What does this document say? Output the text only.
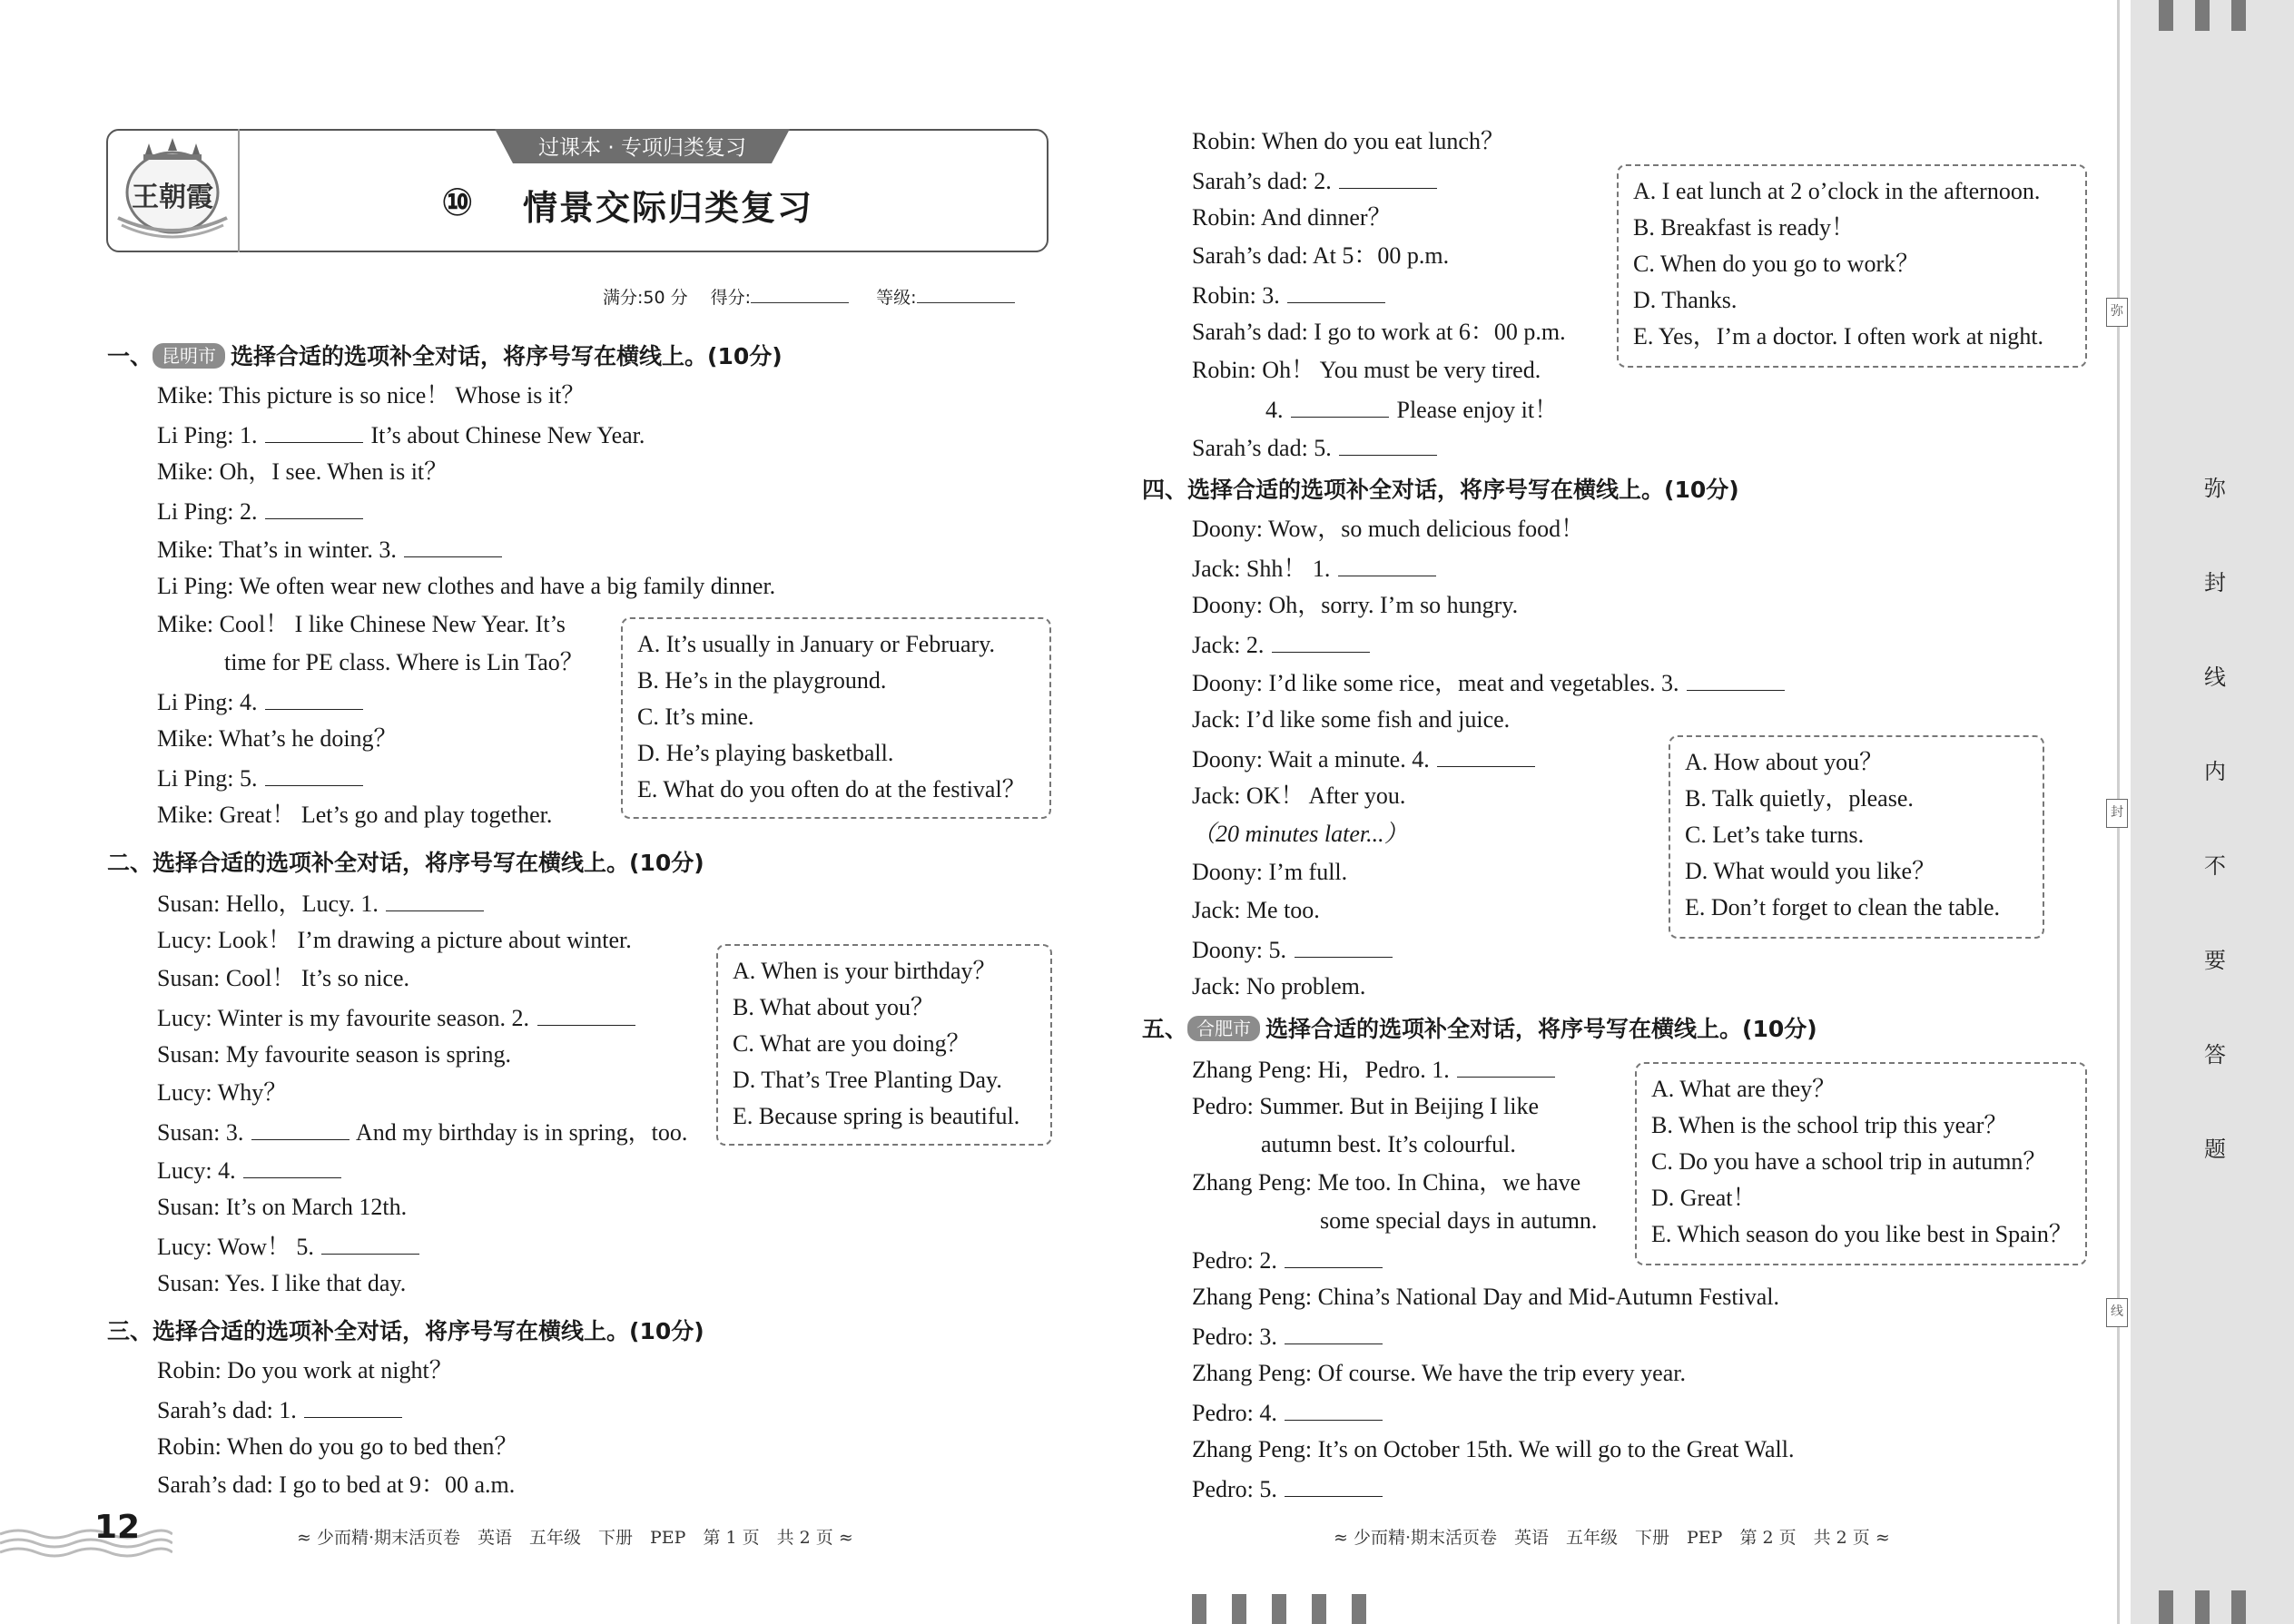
弥
封
线
弥
封
线
内
不
要
答
题
王朝霞
过课本 · 专项归类复习
⑩ 情景交际归类复习
满分:50 分　 得分:	等级:
一、 昆明市 选择合适的选项补全对话，将序号写在横线上。(10分)
Mike: This picture is so nice！ Whose is it？
Li Ping: 1.	It’s about Chinese New Year.
Mike: Oh，I see. When is it？
Li Ping: 2.
Mike: That’s in winter. 3.
Li Ping: We often wear new clothes and have a big family dinner.
Mike: Cool！ I like Chinese New Year. It’s
time for PE class. Where is Lin Tao？
Li Ping: 4.
Mike: What’s he doing？
Li Ping: 5.
Mike: Great！ Let’s go and play together.
A. It’s usually in January or February.
B. He’s in the playground.
C. It’s mine.
D. He’s playing basketball.
E. What do you often do at the festival？
二、选择合适的选项补全对话，将序号写在横线上。(10分)
Susan: Hello，Lucy. 1.
Lucy: Look！ I’m drawing a picture about winter.
Susan: Cool！ It’s so nice.
Lucy: Winter is my favourite season. 2.
Susan: My favourite season is spring.
Lucy: Why？
Susan: 3.	And my birthday is in spring，too.
Lucy: 4.
Susan: It’s on March 12th.
Lucy: Wow！ 5.
Susan: Yes. I like that day.
A. When is your birthday？
B. What about you？
C. What are you doing？
D. That’s Tree Planting Day.
E. Because spring is beautiful.
三、选择合适的选项补全对话，将序号写在横线上。(10分)
Robin: Do you work at night？
Sarah’s dad: 1.
Robin: When do you go to bed then？
Sarah’s dad: I go to bed at 9：00 a.m.
Robin: When do you eat lunch？
Sarah’s dad: 2.
Robin: And dinner？
Sarah’s dad: At 5：00 p.m.
Robin: 3.
Sarah’s dad: I go to work at 6：00 p.m.
Robin: Oh！ You must be very tired.
4.	Please enjoy it！
Sarah’s dad: 5.
A. I eat lunch at 2 o’clock in the afternoon.
B. Breakfast is ready！
C. When do you go to work？
D. Thanks.
E. Yes，I’m a doctor. I often work at night.
四、选择合适的选项补全对话，将序号写在横线上。(10分)
Doony: Wow，so much delicious food！
Jack: Shh！ 1.
Doony: Oh，sorry. I’m so hungry.
Jack: 2.
Doony: I’d like some rice，meat and vegetables. 3.
Jack: I’d like some fish and juice.
Doony: Wait a minute. 4.
Jack: OK！ After you.
（20 minutes later...）
Doony: I’m full.
Jack: Me too.
Doony: 5.
Jack: No problem.
A. How about you？
B. Talk quietly，please.
C. Let’s take turns.
D. What would you like？
E. Don’t forget to clean the table.
五、 合肥市 选择合适的选项补全对话，将序号写在横线上。(10分)
Zhang Peng: Hi，Pedro. 1.
Pedro: Summer. But in Beijing I like
autumn best. It’s colourful.
Zhang Peng: Me too. In China，we have
some special days in autumn.
Pedro: 2.
Zhang Peng: China’s National Day and Mid-Autumn Festival.
Pedro: 3.
Zhang Peng: Of course. We have the trip every year.
Pedro: 4.
Zhang Peng: It’s on October 15th. We will go to the Great Wall.
Pedro: 5.
A. What are they？
B. When is the school trip this year？
C. Do you have a school trip in autumn？
D. Great！
E. Which season do you like best in Spain？
12	≈ 少而精·期末活页卷　英语　五年级　下册　PEP　第 1 页　共 2 页 ≈	≈ 少而精·期末活页卷　英语　五年级　下册　PEP　第 2 页　共 2 页 ≈
